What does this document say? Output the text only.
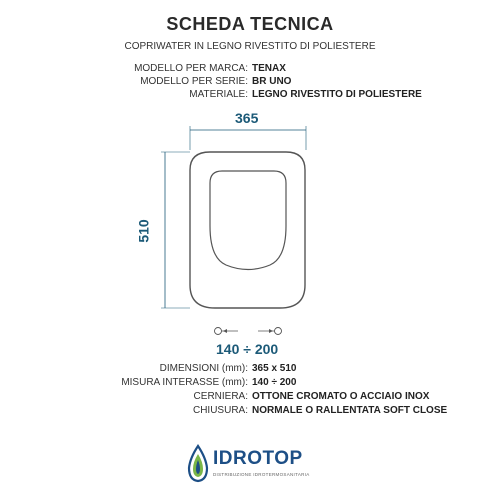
SCHEDA TECNICA
COPRIWATER IN LEGNO RIVESTITO DI POLIESTERE
MODELLO PER MARCA: TENAX
MODELLO PER SERIE: BR UNO
MATERIALE: LEGNO RIVESTITO DI POLIESTERE
365
510
140 ÷ 200
DIMENSIONI (mm): 365 x 510
MISURA INTERASSE (mm): 140 ÷ 200
CERNIERA: OTTONE CROMATO O ACCIAIO INOX
CHIUSURA: NORMALE O RALLENTATA SOFT CLOSE
IDROTOP
DISTRIBUZIONE IDROTERMOSANITARIA
